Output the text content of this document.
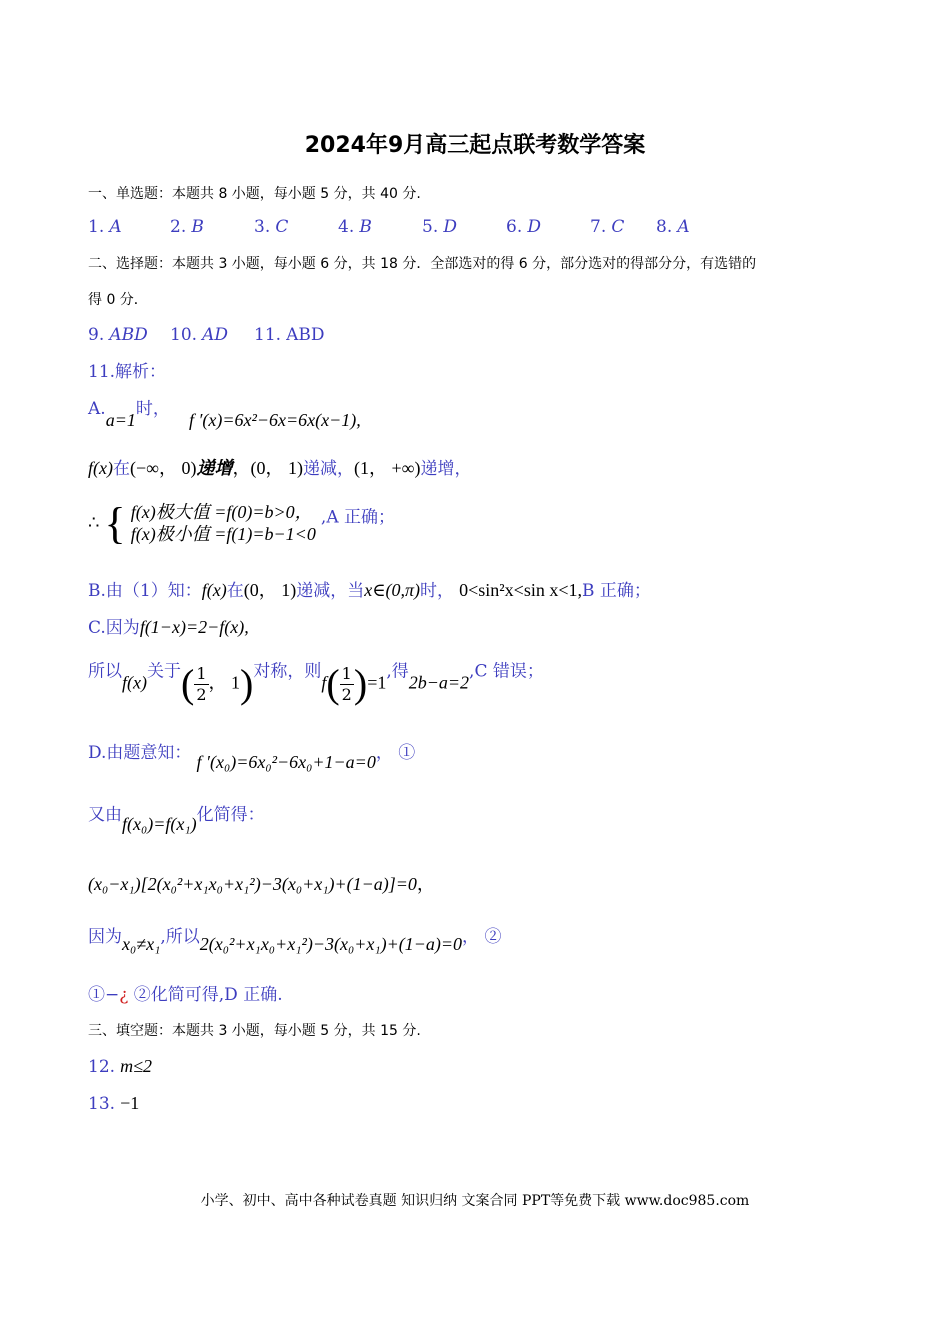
2024年9月高三起点联考数学答案
一、单选题：本题共 8 小题，每小题 5 分，共 40 分.
1. A	2. B	3. C	4. B	5. D	6. D	7. C 8. A
二、选择题：本题共 3 小题，每小题 6 分，共 18 分．全部选对的得 6 分，部分选对的得部分分，有选错的
得 0 分．
9. ABD 10. AD 11. ABD
11.解析：
A.a=1时， f ′(x)=6x²−6x=6x(x−1),
f(x)在(−∞， 0)递增，(0， 1)递减，(1， +∞)递增，
∴ { f(x)极大值 =f(0)=b>0，
f(x)极小值 =f(1)=b−1<0
,A 正确；
B.由（1）知：f(x)在(0， 1)递减，当x∈(0,π)时， 0<sin²x<sin x<1,B 正确；
C.因为f(1−x)=2−f(x),
所以f(x)关于( $\frac{1}{2}$ ， 1)对称，则$f( \frac{1}{2} )=1$,得2b−a=2,C 错误；
D.由题意知： f ′(x₀)=6x₀²−6x₀+1−a=0， ①
又由f(x₀)=f(x₁)化简得：
(x₀−x₁)[2(x₀²+x₁x₀+x₁²)−3(x₀+x₁)+(1−a)]=0，
因为x₀≠x₁,所以2(x₀²+x₁x₀+x₁²)−3(x₀+x₁)+(1−a)=0， ②
①−¿ ②化简可得,D 正确.
三、填空题：本题共 3 小题，每小题 5 分，共 15 分.
12. m≤2
13. −1
小学、初中、高中各种试卷真题 知识归纳 文案合同 PPT等免费下载 www.doc985.com
